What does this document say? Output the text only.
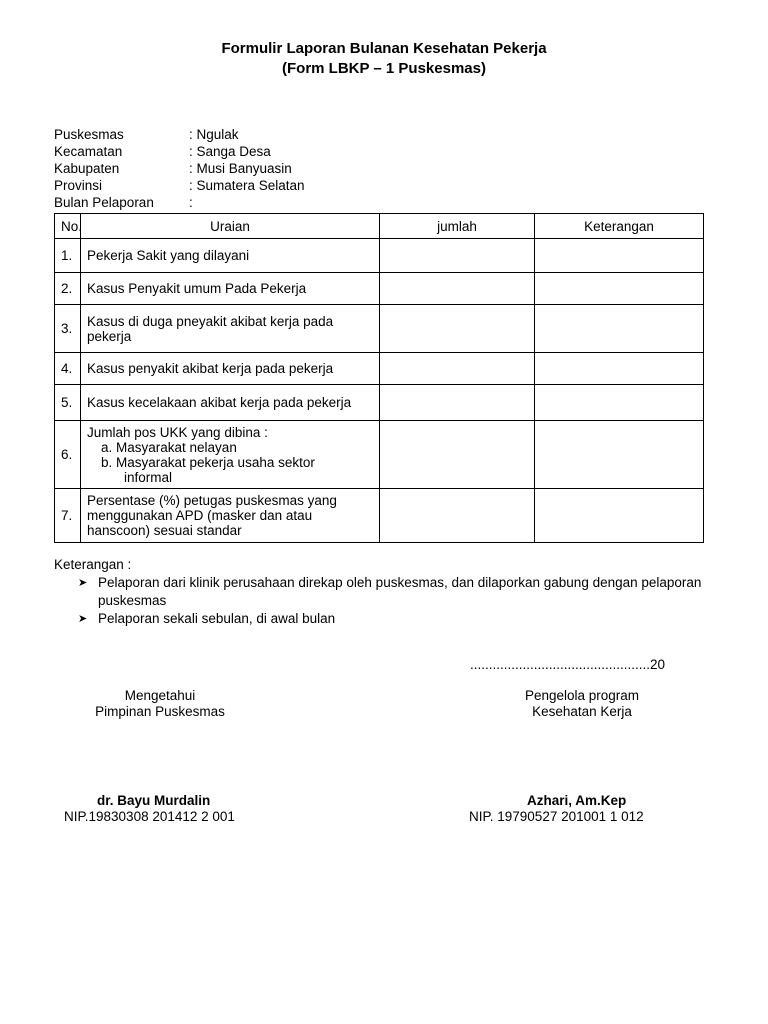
Formulir Laporan Bulanan Kesehatan Pekerja
(Form LBKP – 1 Puskesmas)
Puskesmas	: Ngulak
Kecamatan	: Sanga Desa
Kabupaten	: Musi Banyuasin
Provinsi	: Sumatera Selatan
Bulan Pelaporan	:
No.	Uraian	jumlah	Keterangan
1.	Pekerja Sakit yang dilayani		
2.	Kasus Penyakit umum Pada Pekerja		
3.	Kasus di duga pneyakit akibat kerja pada pekerja		
4.	Kasus penyakit akibat kerja pada pekerja		
5.	Kasus kecelakaan akibat kerja pada pekerja		
6.	Jumlah pos UKK yang dibina :
a. Masyarakat nelayan
b. Masyarakat pekerja usaha sektor
informal		

7.	Persentase (%) petugas puskesmas yang menggunakan APD (masker dan atau hanscoon) sesuai standar		
Keterangan :
➤ Pelaporan dari klinik perusahaan direkap oleh puskesmas, dan dilaporkan gabung dengan pelaporan puskesmas
➤ Pelaporan sekali sebulan, di awal bulan
................................................20
Mengetahui
Pimpinan Puskesmas
Pengelola program
Kesehatan Kerja
dr. Bayu Murdalin
NIP.19830308 201412 2 001
Azhari, Am.Kep
NIP. 19790527 201001 1 012
